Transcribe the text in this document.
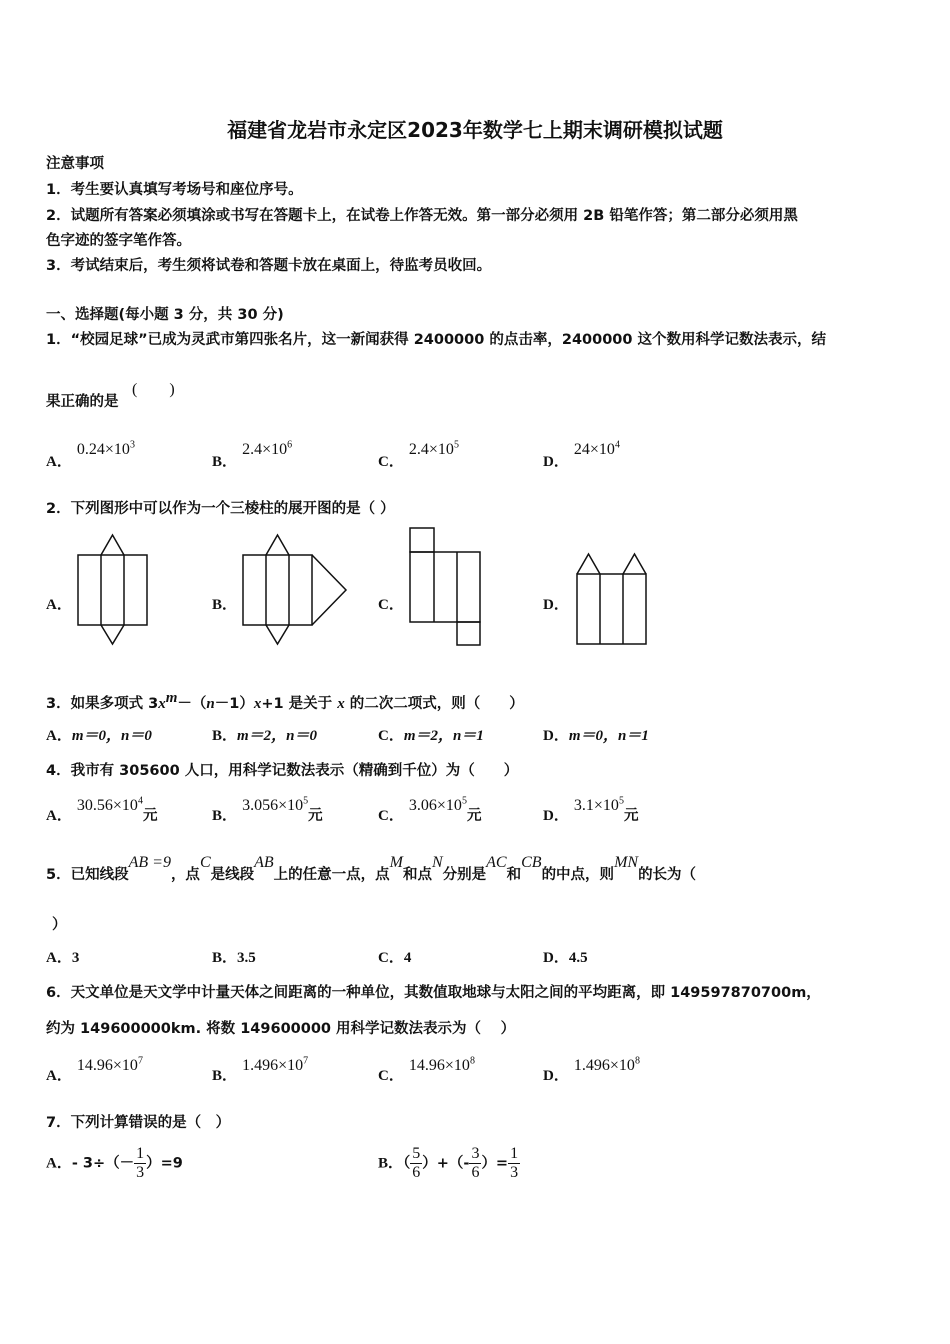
福建省龙岩市永定区2023年数学七上期末调研模拟试题
注意事项
1．考生要认真填写考场号和座位序号。
2．试题所有答案必须填涂或书写在答题卡上，在试卷上作答无效。第一部分必须用 2B 铅笔作答；第二部分必须用黑
色字迹的签字笔作答。
3．考试结束后，考生须将试卷和答题卡放在桌面上，待监考员收回。
一、选择题(每小题 3 分，共 30 分)
1．“校园足球”已成为灵武市第四张名片，这一新闻获得 2400000 的点击率，2400000 这个数用科学记数法表示，结
果正确的是
(　　)
A． $0.24\times 10^3$
B． $2.4\times 10^6$
C． $2.4\times 10^5$
D． $24\times 10^4$
2．下列图形中可以作为一个三棱柱的展开图的是（ ）
A．	B．	C．	D．
3．如果多项式 $3x^m-(n-1)x+1$ 是关于 x 的二次二项式，则（　　）
A．m＝0，n＝0	B．m＝2，n＝0	C．m＝2，n＝1	D．m＝0，n＝1
4．我市有 305600 人口，用科学记数法表示（精确到千位）为（　　）
A． $30.56\times 10^4$元	B． $3.056\times 10^5$元	C． $3.06\times 10^5$元	D． $3.1\times 10^5$元
5．已知线段AB =9，点C是线段AB上的任意一点，点M和点N分别是AC和CB的中点，则MN的长为（
）
A．3	B．3.5	C．4	D．4.5
6．天文单位是天文学中计量天体之间距离的一种单位，其数值取地球与太阳之间的平均距离，即 149597870700m，
约为 149600000km. 将数 149600000 用科学记数法表示为（　 ）
A． $14.96\times 10^7$
B． $1.496\times 10^7$
C． $14.96\times 10^8$
D． $1.496\times 10^8$
7．下列计算错误的是（　）
A．- $3\div(- \frac{1}{3} )=9$	B．（ $\frac{5}{6}$ ）+（- $\frac{3}{6}$ ）= $\frac{1}{3}$
